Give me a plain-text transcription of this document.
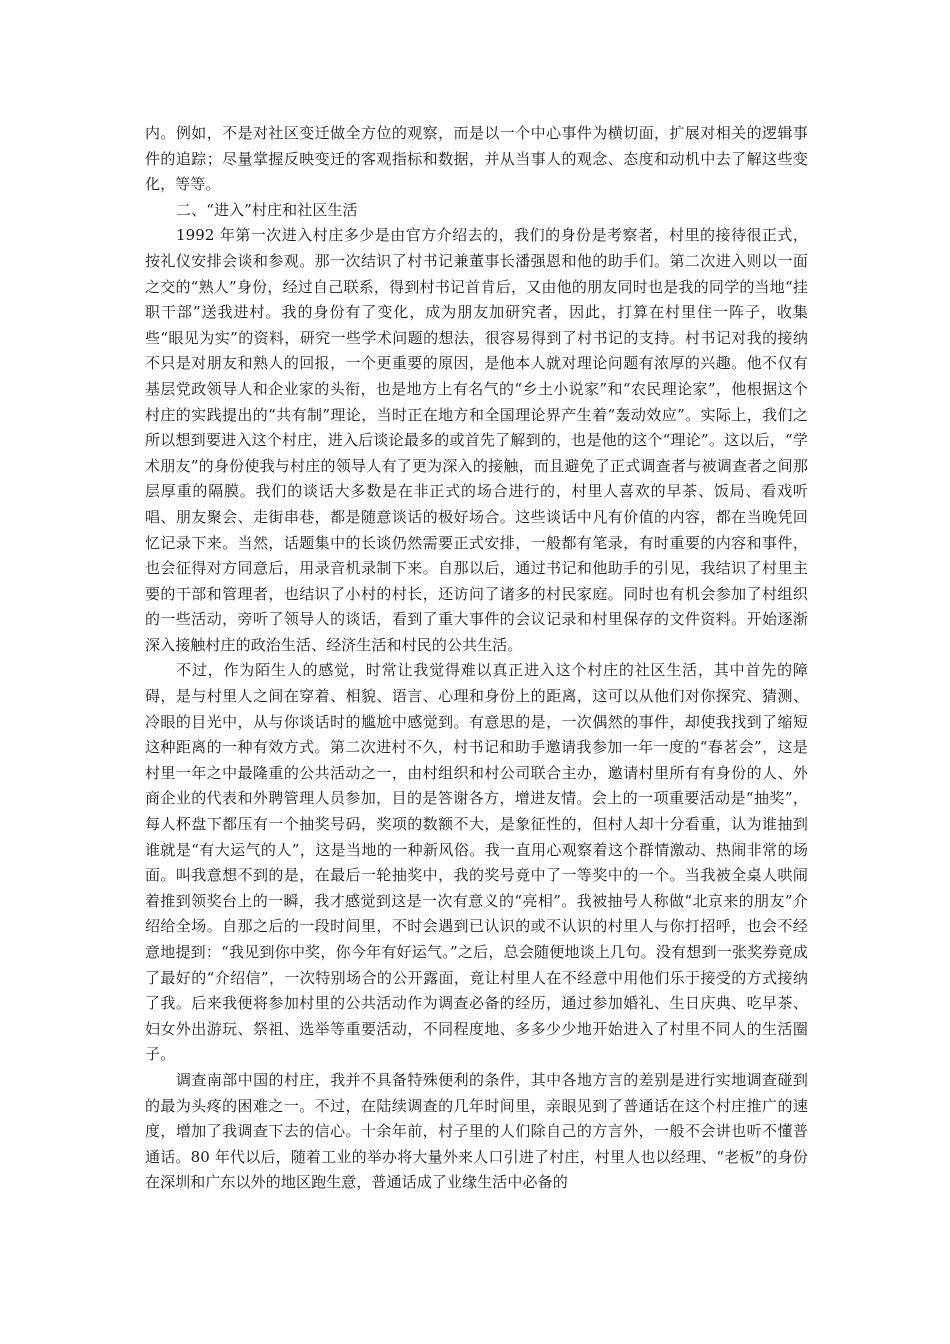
内。例如，不是对社区变迁做全方位的观察，而是以一个中心事件为横切面，扩展对相关的逻辑事件的追踪；尽量掌握反映变迁的客观指标和数据，并从当事人的观念、态度和动机中去了解这些变化，等等。

二、“进入”村庄和社区生活

1992 年第一次进入村庄多少是由官方介绍去的，我们的身份是考察者，村里的接待很正式，按礼仪安排会谈和参观。那一次结识了村书记兼董事长潘强恩和他的助手们。第二次进入则以一面之交的“熟人”身份，经过自己联系，得到村书记首肯后，又由他的朋友同时也是我的同学的当地“挂职干部”送我进村。我的身份有了变化，成为朋友加研究者，因此，打算在村里住一阵子，收集些“眼见为实”的资料，研究一些学术问题的想法，很容易得到了村书记的支持。村书记对我的接纳不只是对朋友和熟人的回报，一个更重要的原因，是他本人就对理论问题有浓厚的兴趣。他不仅有基层党政领导人和企业家的头衔，也是地方上有名气的“乡土小说家”和“农民理论家”，他根据这个村庄的实践提出的“共有制”理论，当时正在地方和全国理论界产生着“轰动效应”。实际上，我们之所以想到要进入这个村庄，进入后谈论最多的或首先了解到的，也是他的这个“理论”。这以后，“学术朋友”的身份使我与村庄的领导人有了更为深入的接触，而且避免了正式调查者与被调查者之间那层厚重的隔膜。我们的谈话大多数是在非正式的场合进行的，村里人喜欢的早茶、饭局、看戏听唱、朋友聚会、走街串巷，都是随意谈话的极好场合。这些谈话中凡有价值的内容，都在当晚凭回忆记录下来。当然，话题集中的长谈仍然需要正式安排，一般都有笔录，有时重要的内容和事件，也会征得对方同意后，用录音机录制下来。自那以后，通过书记和他助手的引见，我结识了村里主要的干部和管理者，也结识了小村的村长，还访问了诸多的村民家庭。同时也有机会参加了村组织的一些活动，旁听了领导人的谈话，看到了重大事件的会议记录和村里保存的文件资料。开始逐渐深入接触村庄的政治生活、经济生活和村民的公共生活。

不过，作为陌生人的感觉，时常让我觉得难以真正进入这个村庄的社区生活，其中首先的障碍，是与村里人之间在穿着、相貌、语言、心理和身份上的距离，这可以从他们对你探究、猜测、冷眼的目光中，从与你谈话时的尴尬中感觉到。有意思的是，一次偶然的事件，却使我找到了缩短这种距离的一种有效方式。第二次进村不久，村书记和助手邀请我参加一年一度的“春茗会”，这是村里一年之中最隆重的公共活动之一，由村组织和村公司联合主办，邀请村里所有有身份的人、外商企业的代表和外聘管理人员参加，目的是答谢各方，增进友情。会上的一项重要活动是“抽奖”，每人杯盘下都压有一个抽奖号码，奖项的数额不大，是象征性的，但村人却十分看重，认为谁抽到谁就是“有大运气的人”，这是当地的一种新风俗。我一直用心观察着这个群情激动、热闹非常的场面。叫我意想不到的是，在最后一轮抽奖中，我的奖号竟中了一等奖中的一个。当我被全桌人哄闹着推到领奖台上的一瞬，我才感觉到这是一次有意义的“亮相”。我被抽号人称做“北京来的朋友”介绍给全场。自那之后的一段时间里，不时会遇到已认识的或不认识的村里人与你打招呼，也会不经意地提到：“我见到你中奖，你今年有好运气。”之后，总会随便地谈上几句。没有想到一张奖券竟成了最好的“介绍信”，一次特别场合的公开露面，竟让村里人在不经意中用他们乐于接受的方式接纳了我。后来我便将参加村里的公共活动作为调查必备的经历，通过参加婚礼、生日庆典、吃早茶、妇女外出游玩、祭祖、选举等重要活动，不同程度地、多多少少地开始进入了村里不同人的生活圈子。

调查南部中国的村庄，我并不具备特殊便利的条件，其中各地方言的差别是进行实地调查碰到的最为头疼的困难之一。不过，在陆续调查的几年时间里，亲眼见到了普通话在这个村庄推广的速度，增加了我调查下去的信心。十余年前，村子里的人们除自己的方言外，一般不会讲也听不懂普通话。80 年代以后，随着工业的举办将大量外来人口引进了村庄，村里人也以经理、“老板”的身份在深圳和广东以外的地区跑生意，普通话成了业缘生活中必备的
